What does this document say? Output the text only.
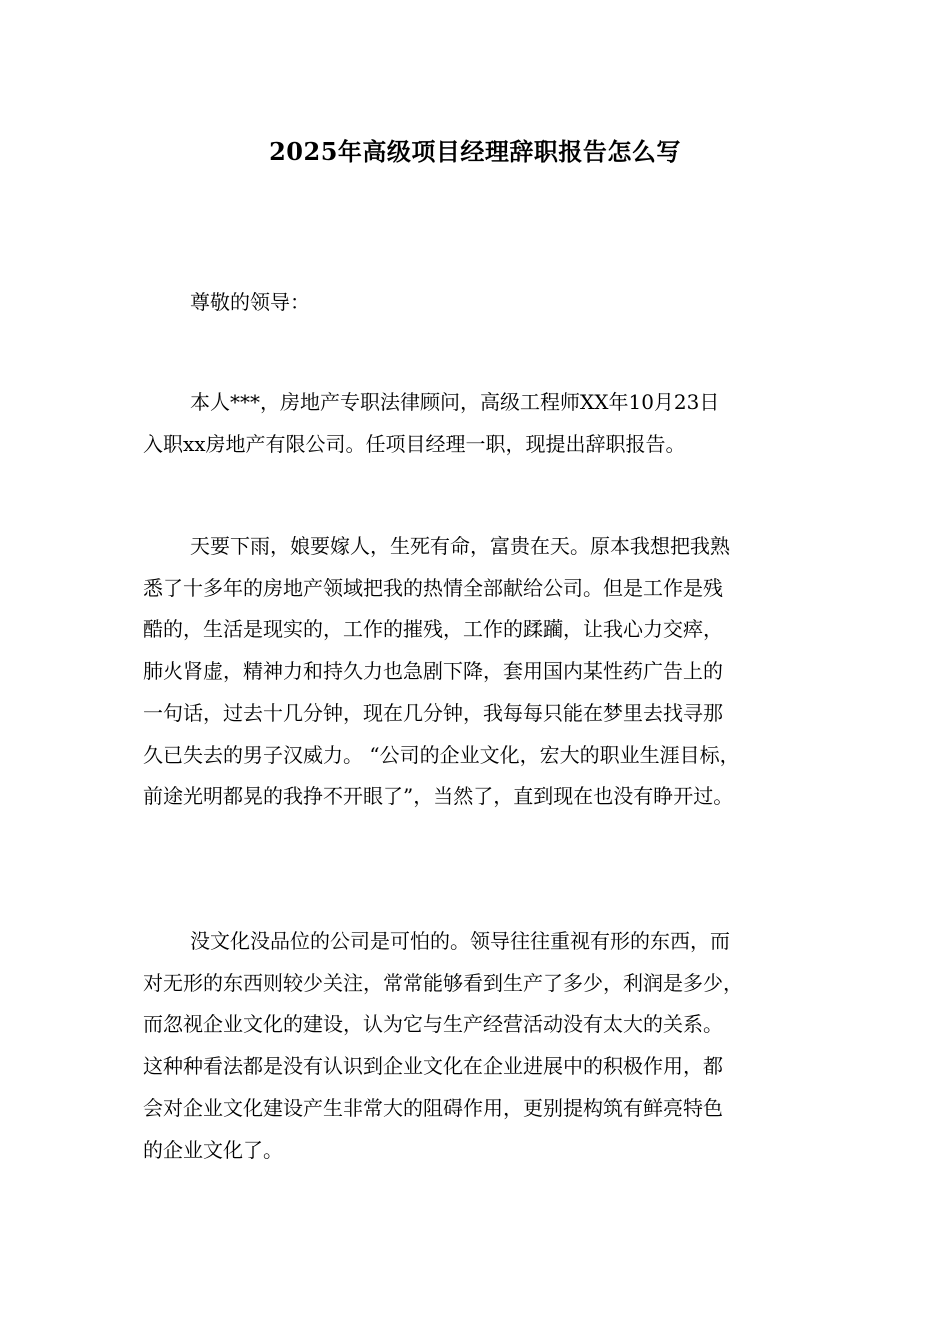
2025年高级项目经理辞职报告怎么写

尊敬的领导：

本人***，房地产专职法律顾问，高级工程师XX年10月23日
入职xx房地产有限公司。任项目经理一职，现提出辞职报告。

天要下雨，娘要嫁人，生死有命，富贵在天。原本我想把我熟
悉了十多年的房地产领域把我的热情全部献给公司。但是工作是残
酷的，生活是现实的，工作的摧残，工作的蹂躏，让我心力交瘁，
肺火肾虚，精神力和持久力也急剧下降，套用国内某性药广告上的
一句话，过去十几分钟，现在几分钟，我每每只能在梦里去找寻那
久已失去的男子汉威力。 “公司的企业文化，宏大的职业生涯目标，
前途光明都晃的我挣不开眼了”，当然了，直到现在也没有睁开过。

没文化没品位的公司是可怕的。领导往往重视有形的东西，而
对无形的东西则较少关注，常常能够看到生产了多少，利润是多少，
而忽视企业文化的建设，认为它与生产经营活动没有太大的关系。
这种种看法都是没有认识到企业文化在企业进展中的积极作用，都
会对企业文化建设产生非常大的阻碍作用，更别提构筑有鲜亮特色
的企业文化了。
